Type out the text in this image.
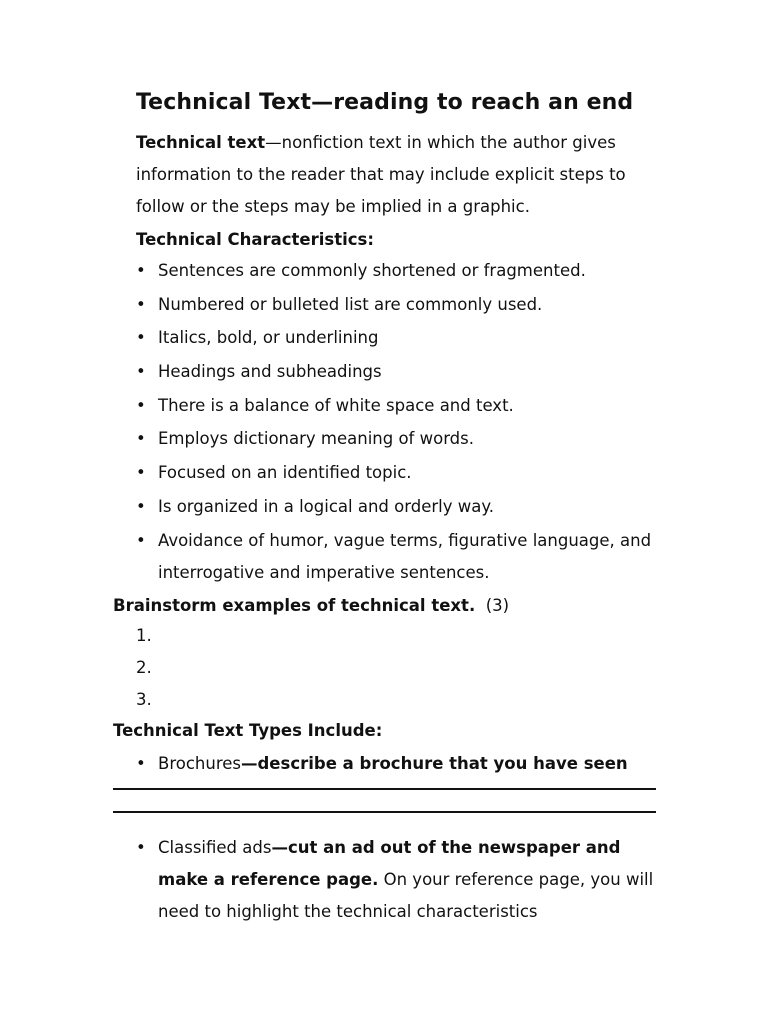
Technical Text—reading to reach an end
Technical text—nonfiction text in which the author gives information to the reader that may include explicit steps to follow or the steps may be implied in a graphic.
Technical Characteristics:
• Sentences are commonly shortened or fragmented.
• Numbered or bulleted list are commonly used.
• Italics, bold, or underlining
• Headings and subheadings
• There is a balance of white space and text.
• Employs dictionary meaning of words.
• Focused on an identified topic.
• Is organized in a logical and orderly way.
• Avoidance of humor, vague terms, figurative language, and interrogative and imperative sentences.
Brainstorm examples of technical text. (3)
1.
2.
3.
Technical Text Types Include:
• Brochures—describe a brochure that you have seen
• Classified ads—cut an ad out of the newspaper and make a reference page. On your reference page, you will need to highlight the technical characteristics
